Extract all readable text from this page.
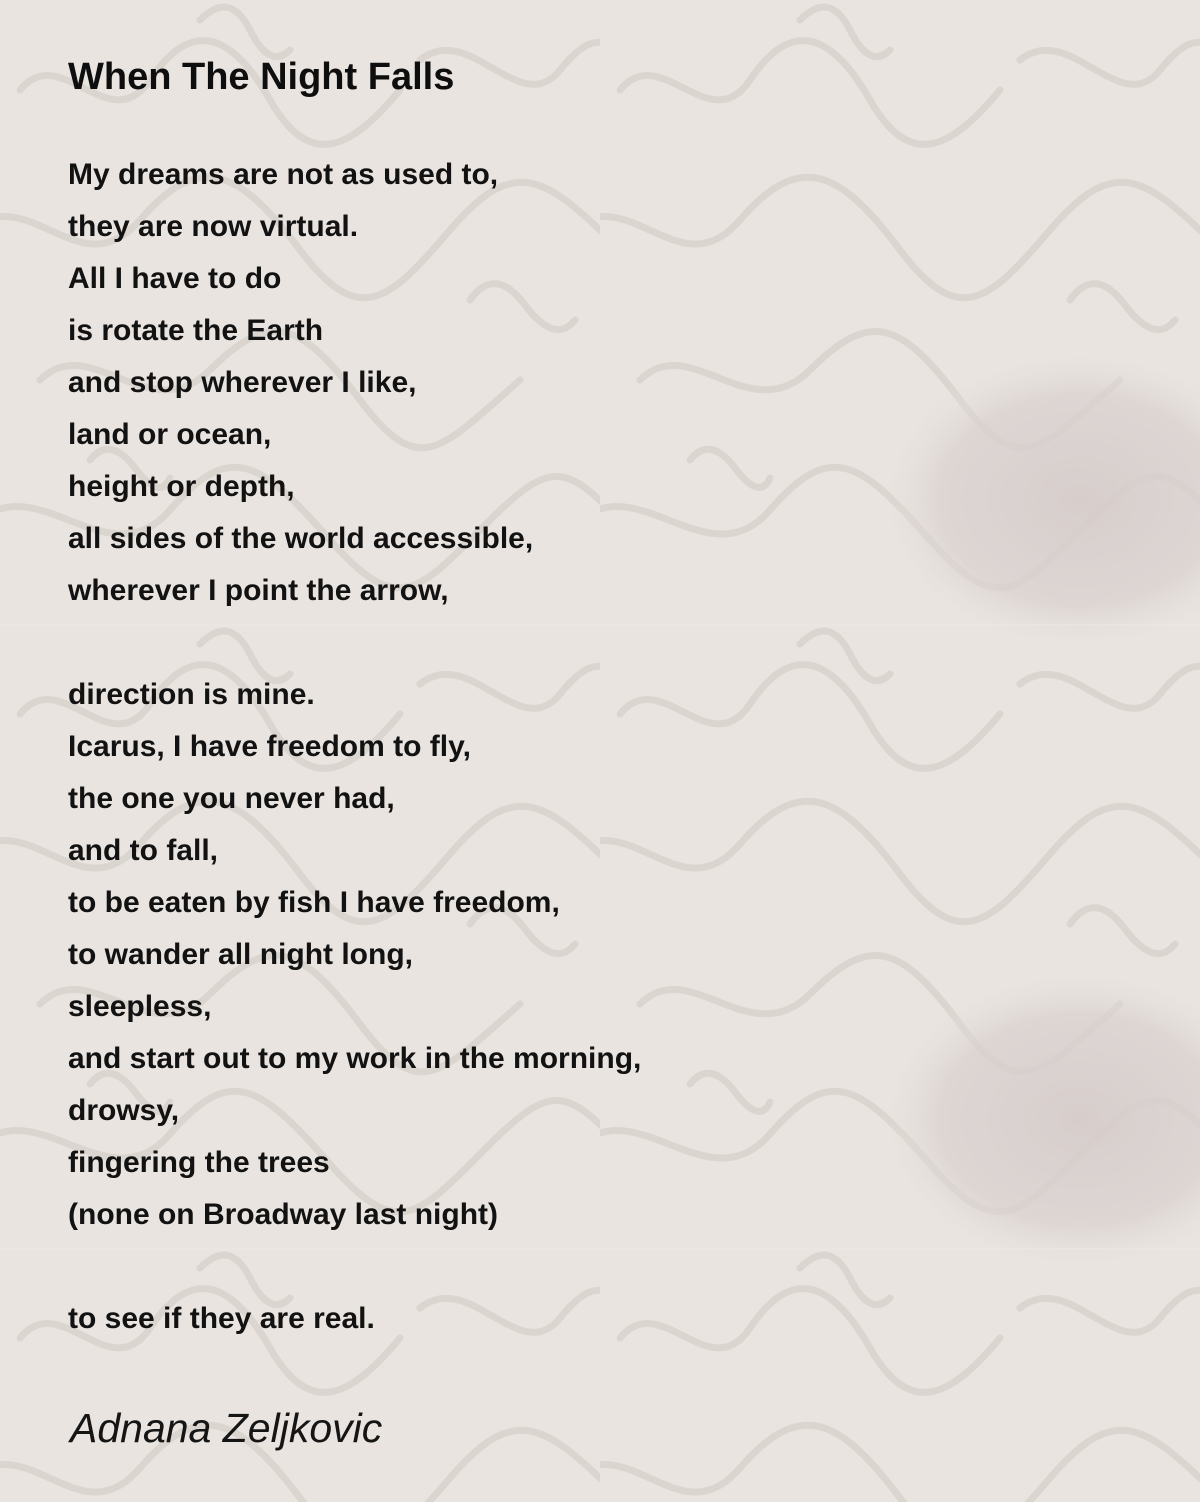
When The Night Falls
My dreams are not as used to,
they are now virtual.
All I have to do
is rotate the Earth
and stop wherever I like,
land or ocean,
height or depth,
all sides of the world accessible,
wherever I point the arrow,
direction is mine.
Icarus, I have freedom to fly,
the one you never had,
and to fall,
to be eaten by fish I have freedom,
to wander all night long,
sleepless,
and start out to my work in the morning,
drowsy,
fingering the trees
(none on Broadway last night)
to see if they are real.

Adnana Zeljkovic
